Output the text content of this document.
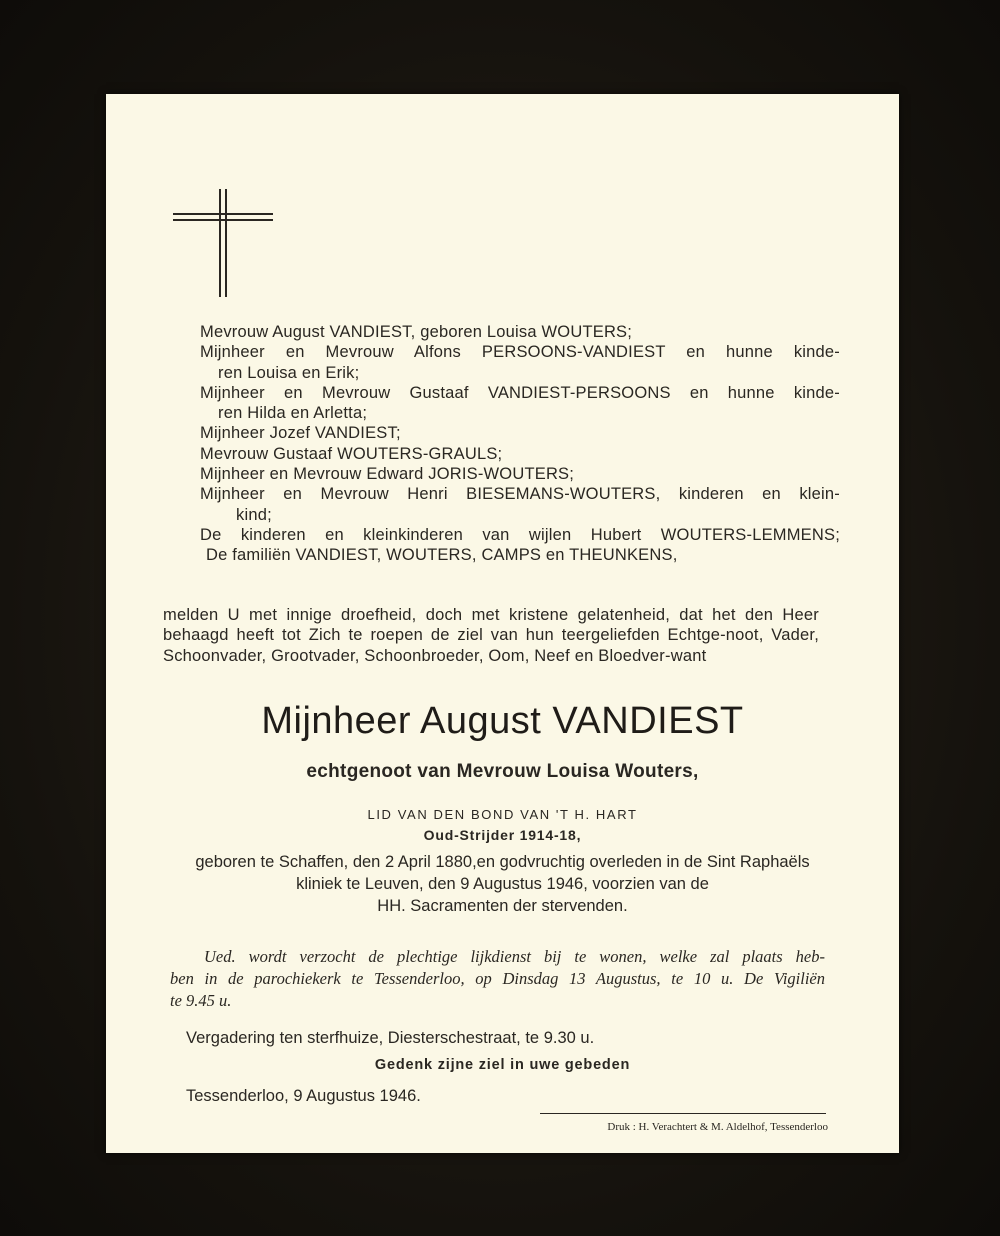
Mevrouw August VANDIEST, geboren Louisa WOUTERS;
Mijnheer en Mevrouw Alfons PERSOONS-VANDIEST en hunne kinde-
ren Louisa en Erik;
Mijnheer en Mevrouw Gustaaf VANDIEST-PERSOONS en hunne kinde-
ren Hilda en Arletta;
Mijnheer Jozef VANDIEST;
Mevrouw Gustaaf WOUTERS-GRAULS;
Mijnheer en Mevrouw Edward JORIS-WOUTERS;
Mijnheer en Mevrouw Henri BIESEMANS-WOUTERS, kinderen en klein-
kind;
De kinderen en kleinkinderen van wijlen Hubert WOUTERS-LEMMENS;
De familiën VANDIEST, WOUTERS, CAMPS en THEUNKENS,
melden U met innige droefheid, doch met kristene gelatenheid, dat het den Heer behaagd heeft tot Zich te roepen de ziel van hun teergeliefden Echtge-noot, Vader, Schoonvader, Grootvader, Schoonbroeder, Oom, Neef en Bloedver-want
Mijnheer August VANDIEST
echtgenoot van Mevrouw Louisa Wouters,
LID VAN DEN BOND VAN 'T H. HART
Oud-Strijder 1914-18,
geboren te Schaffen, den 2 April 1880,en godvruchtig overleden in de Sint Raphaëls
kliniek te Leuven, den 9 Augustus 1946, voorzien van de
HH. Sacramenten der stervenden.
Ued. wordt verzocht de plechtige lijkdienst bij te wonen, welke zal plaats heb-
ben in de parochiekerk te Tessenderloo, op Dinsdag 13 Augustus, te 10 u. De Vigiliën
te 9.45 u.
Vergadering ten sterfhuize, Diesterschestraat, te 9.30 u.
Gedenk zijne ziel in uwe gebeden
Tessenderloo, 9 Augustus 1946.
Druk : H. Verachtert & M. Aldelhof, Tessenderloo
